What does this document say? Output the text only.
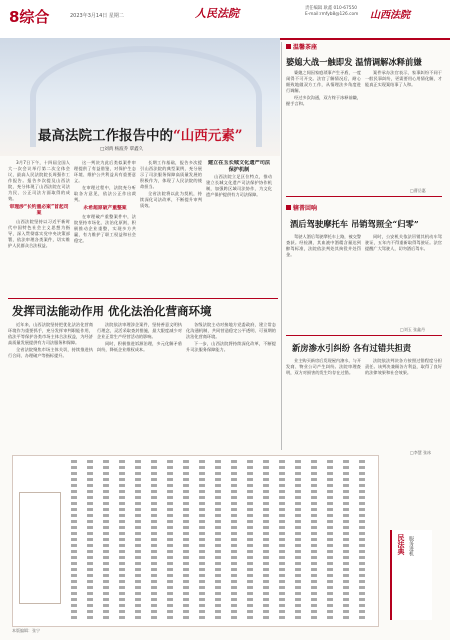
8综合	2023年3月14日 星期二	人民法院	责任编辑 耿鑫 010-67550
E-mail:rmfyb8@126.com 山西法院
最高法院工作报告中的“山西元素”
□刘禹 杨波乔 覃鑫久

3月7日下午，十四届全国人大一次会议举行第二次全体会议，最高人民法院院长周强作工作报告。报告多次提及山西法院，充分体现了山西法院在司法为民、公正司法方面取得的成效。

审理涉“长钓重必案”首起司案

山西法院坚持以习近平新时代中国特色社会主义思想为指导，深入贯彻落实党中央决策部署，依法审理各类案件，切实维护人民群众合法权益。

这一判决为此后类似案件审理提供了有益借鉴，对保护生态环境、维护公共利益具有重要意义。

在审理过程中，法院充分听取各方意见，依法公正作出裁判。

永希超原破产重整案

在审理破产重整案件中，法院坚持市场化、法治化原则，积极推动企业重整，实现多方共赢，有力维护了职工权益和社会稳定。

长期工作基础，报告多次援引山西法院的典型案例，充分展示了司法服务保障高质量发展的积极作为，体现了人民法院的使命担当。

全省法院将以此为契机，持续深化司法改革，不断提升审判质效。

建立在玉长城文化遗产司法保护机制

山西法院立足区位特点，推动建立长城文化遗产司法保护协作机制，加强跨区域司法协作，为文化遗产保护提供有力司法保障。

发挥司法能动作用 优化法治化营商环境

近年来，山西法院坚持把优化法治化营商环境作为重要抓手，充分发挥审判职能作用，依法平等保护各类市场主体合法权益，为经济高质量发展提供有力司法服务和保障。

全省法院聚焦市场主体关切，持续推进执行合同、办理破产等指标提升。

法院依法审理涉企案件，坚持善意文明执行理念，灵活采取查封措施，最大限度减少对企业正常生产经营活动的影响。

同时，积极推进诉源治理，多元化解矛盾纠纷，降低企业维权成本。

各级法院主动对接地方党委政府，建立常态化沟通机制，共同营造稳定公平透明、可预期的法治化营商环境。

下一步，山西法院将持续深化改革，不断提升司法服务保障能力。

温馨茶座
婆媳大战一触即发 温情调解冰释前嫌

婆媳之间因家庭琐事产生矛盾，一度闹得不可开交。法官了解情况后，耐心细致地做双方工作，从情理法多角度进行调解。

经过多次沟通，双方终于冰释前嫌，握手言和。

案件承办法官表示，家事纠纷不同于一般民事纠纷，更需要用心用情化解，才能真正实现案结事了人和。

□曹岳惠
辖普回响
酒后驾驶摩托车 吊销驾照全“归零”

驾驶人酒后驾驶摩托车上路，被交警查获。经检测，其血液中酒精含量达到醉驾标准，法院依法判处其拘役并处罚金。

同时，公安机关依法吊销其机动车驾驶证，五年内不得重新取得驾驶证。法官提醒广大驾驶人，切勿酒后驾车。

□刘玉 张鑫丹
新房渗水引纠纷 各有过错共担责

业主购买新房后发现屋内渗水，与开发商、物业公司产生纠纷。法院审理查明，双方对损害的发生均存在过错。

法院依法判决各方按照过错程度分担责任。该判决兼顾各方利益，取得了良好的法律效果和社会效果。

□李慧 张冰
民法典 服务进机
本版编辑：张宁
